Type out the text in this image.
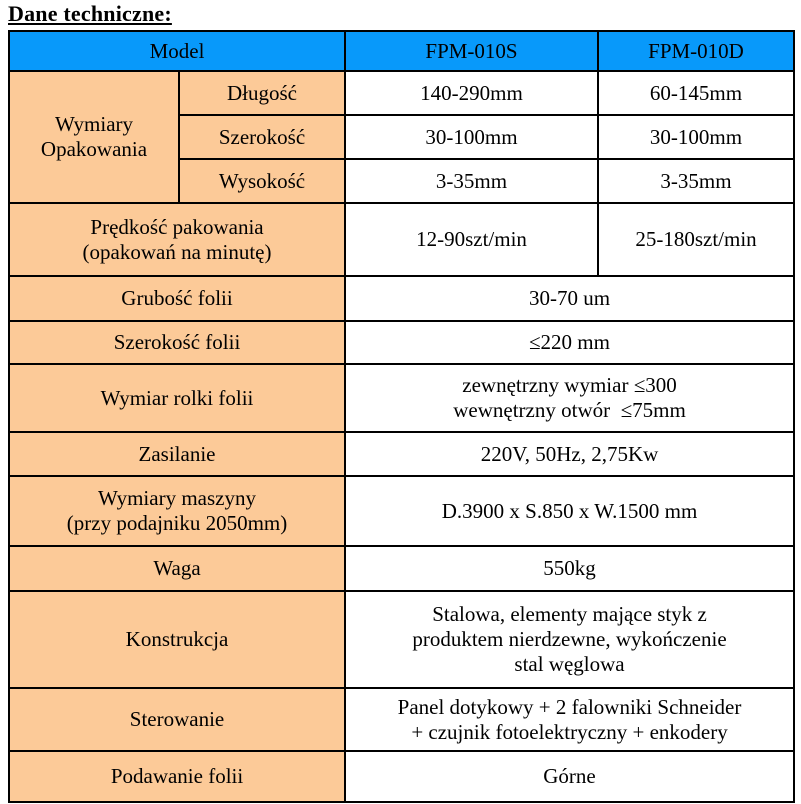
Dane techniczne:
Model		FPM-010S	FPM-010D
Wymiary Opakowania	Długość	140-290mm	60-145mm
	Szerokość	30-100mm	30-100mm
	Wysokość	3-35mm	3-35mm

Prędkość pakowania
(opakowań na minutę)		12-90szt/min	25-180szt/min
Grubość folii		30-70 um	
Szerokość folii		≤220 mm	
Wymiar rolki folii		zewnętrzny wymiar ≤300
wewnętrzny otwór  ≤75mm	

Zasilanie		220V, 50Hz, 2,75Kw	

Wymiary maszyny
(przy podajniku 2050mm)		D.3900 x S.850 x W.1500 mm	
Waga		550kg	
Konstrukcja		Stalowa, elementy mające styk z
produktem nierdzewne, wykończenie
stal węglowa	

Sterowanie		Panel dotykowy + 2 falowniki Schneider
+ czujnik fotoelektryczny + enkodery	

Podawanie folii		Górne	
